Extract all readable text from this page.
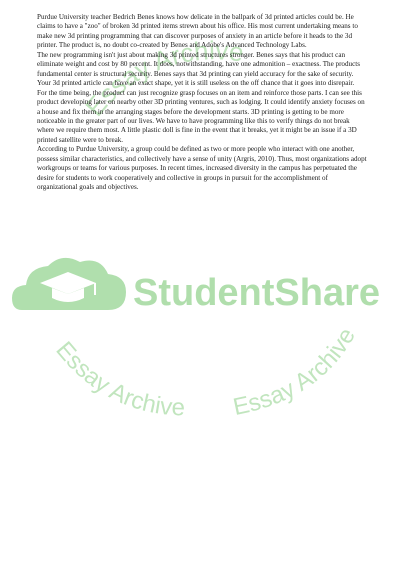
Essay Archive
StudentShare
Essay Archive Essay Archive

Purdue University teacher Bedrich Benes knows how delicate in the ballpark of 3d printed articles could be. He claims to have a "zoo" of broken 3d printed items strewn about his office. His most current undertaking means to make new 3d printing programming that can discover purposes of anxiety in an article before it heads to the 3d printer. The product is, no doubt co-created by Benes and Adobe's Advanced Technology Labs.

The new programming isn't just about making 3d printed structures stronger. Benes says that his product can eliminate weight and cost by 80 percent. It does, notwithstanding, have one admonition – exactness. The products fundamental center is structural security. Benes says that 3d printing can yield accuracy for the sake of security. Your 3d printed article can have an exact shape, yet it is still useless on the off chance that it goes into disrepair.

For the time being, the product can just recognize grasp focuses on an item and reinforce those parts. I can see this product developing later on nearby other 3D printing ventures, such as lodging. It could identify anxiety focuses on a house and fix them in the arranging stages before the development starts. 3D printing is getting to be more noticeable in the greater part of our lives. We have to have programming like this to verify things do not break where we require them most. A little plastic doll is fine in the event that it breaks, yet it might be an issue if a 3D printed satellite were to break.

According to Purdue University, a group could be defined as two or more people who interact with one another, possess similar characteristics, and collectively have a sense of unity (Argris, 2010). Thus, most organizations adopt workgroups or teams for various purposes. In recent times, increased diversity in the campus has perpetuated the desire for students to work cooperatively and collective in groups in pursuit for the accomplishment of organizational goals and objectives.
